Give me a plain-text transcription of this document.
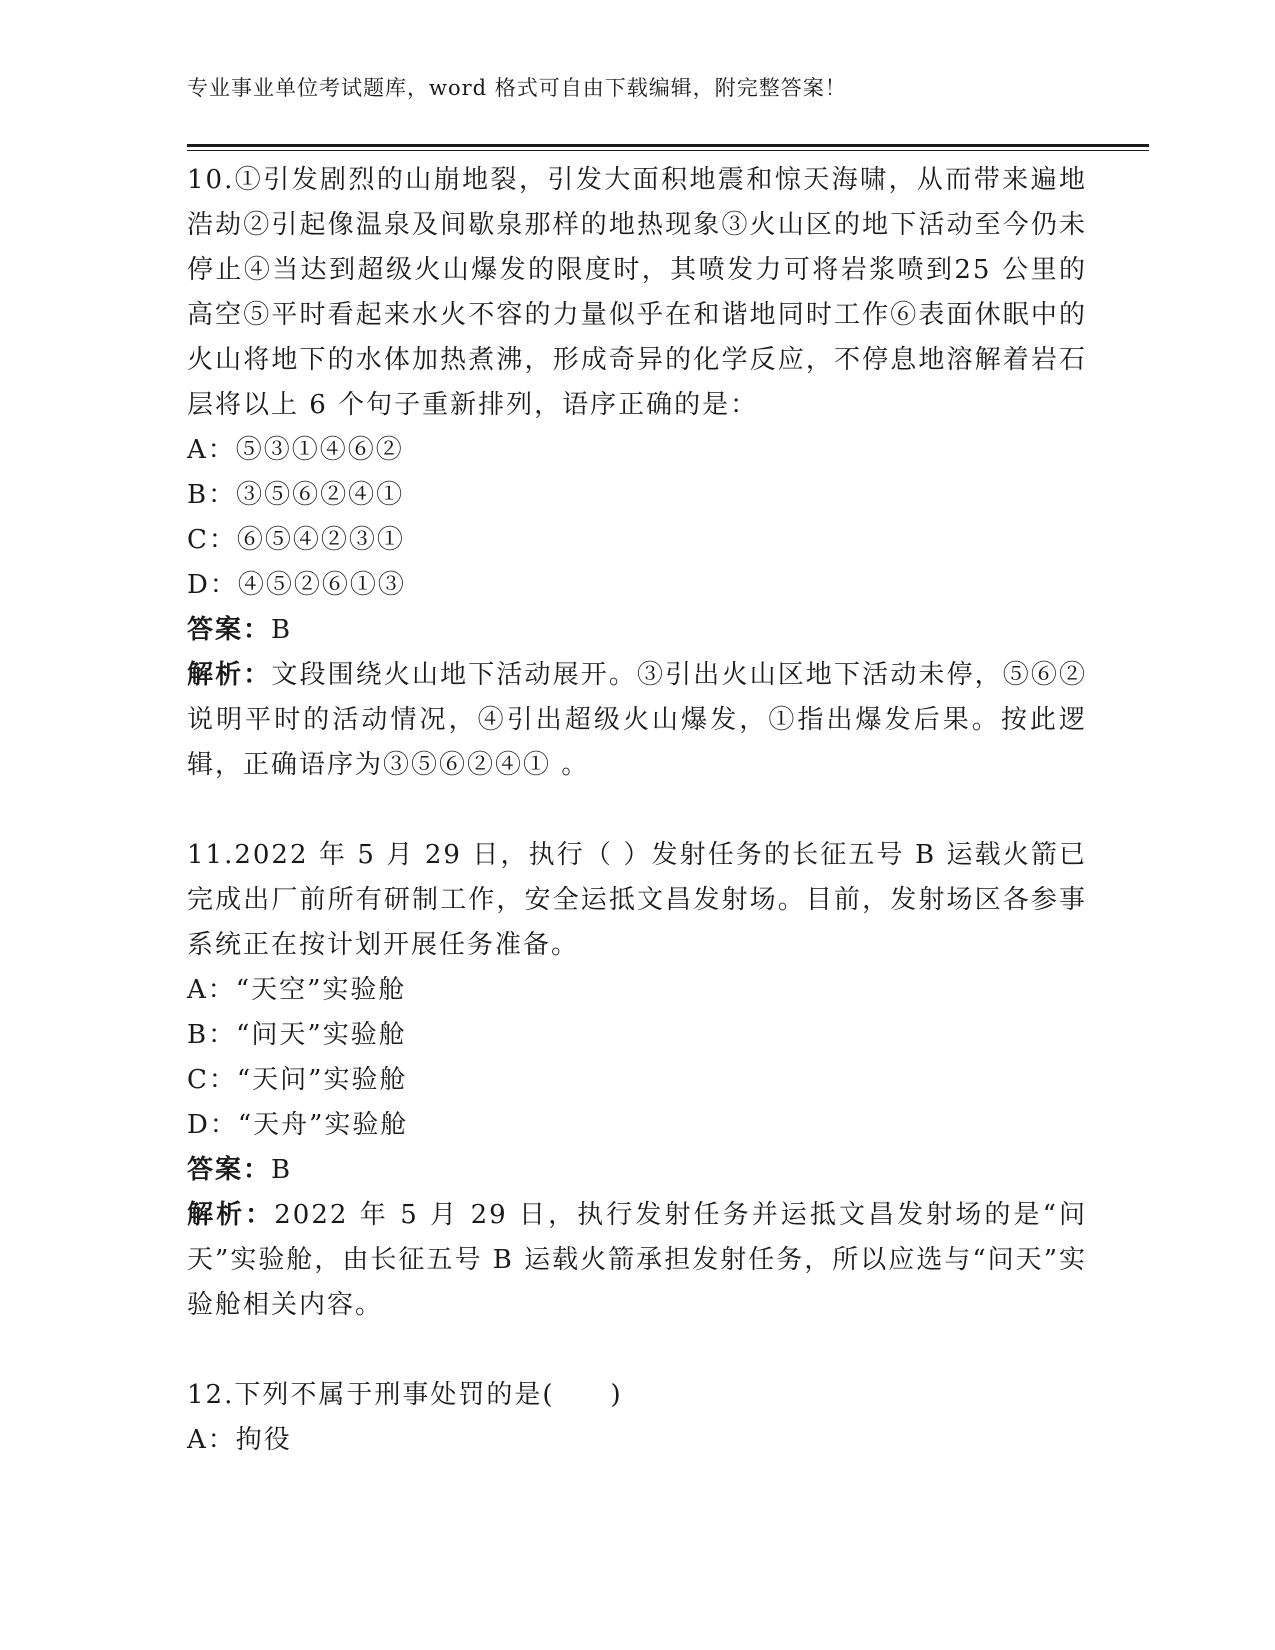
专业事业单位考试题库，word 格式可自由下载编辑，附完整答案！

10.①引发剧烈的山崩地裂，引发大面积地震和惊天海啸，从而带来遍地浩劫②引起像温泉及间歇泉那样的地热现象③火山区的地下活动至今仍未停止④当达到超级火山爆发的限度时，其喷发力可将岩浆喷到25 公里的高空⑤平时看起来水火不容的力量似乎在和谐地同时工作⑥表面休眠中的火山将地下的水体加热煮沸，形成奇异的化学反应，不停息地溶解着岩石层将以上 6 个句子重新排列，语序正确的是：

A：⑤③①④⑥②

B：③⑤⑥②④①

C：⑥⑤④②③①

D：④⑤②⑥①③

答案：B

解析：文段围绕火山地下活动展开。③引出火山区地下活动未停，⑤⑥②说明平时的活动情况，④引出超级火山爆发，①指出爆发后果。按此逻辑，正确语序为③⑤⑥②④① 。

11.2022 年 5 月 29 日，执行（ ）发射任务的长征五号 B 运载火箭已完成出厂前所有研制工作，安全运抵文昌发射场。目前，发射场区各参事系统正在按计划开展任务准备。

A：“天空”实验舱

B：“问天”实验舱

C：“天问”实验舱

D：“天舟”实验舱

答案：B

解析：2022 年 5 月 29 日，执行发射任务并运抵文昌发射场的是“问天”实验舱，由长征五号 B 运载火箭承担发射任务，所以应选与“问天”实验舱相关内容。

12.下列不属于刑事处罚的是(　　)

A：拘役
